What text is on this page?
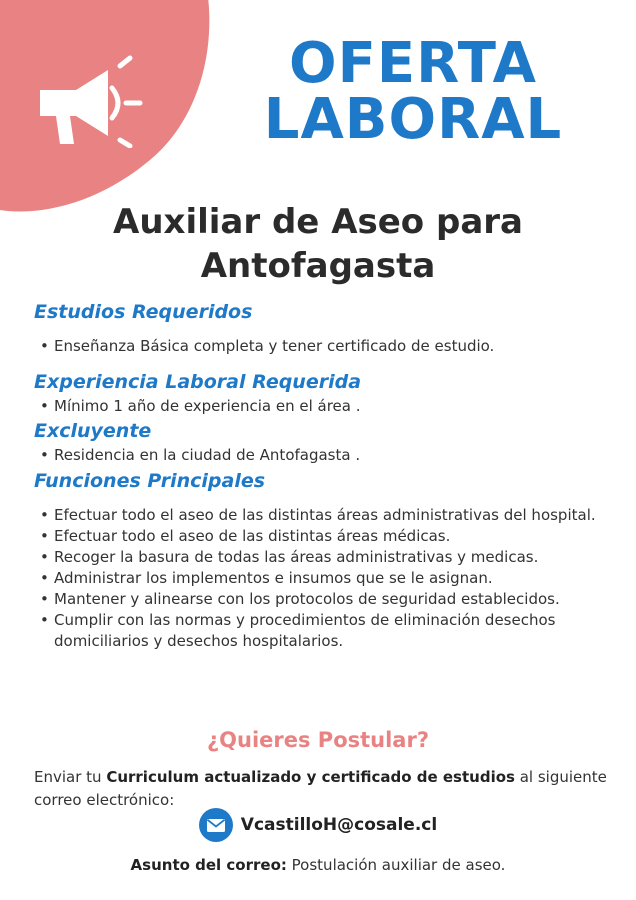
OFERTA
LABORAL
Auxiliar de Aseo para
Antofagasta
Estudios Requeridos
• Enseñanza Básica completa y tener certificado de estudio.
Experiencia Laboral Requerida
• Mínimo 1 año de experiencia en el área .
Excluyente
• Residencia en la ciudad de Antofagasta .
Funciones Principales
• Efectuar todo el aseo de las distintas áreas administrativas del hospital.
• Efectuar todo el aseo de las distintas áreas médicas.
• Recoger la basura de todas las áreas administrativas y medicas.
• Administrar los implementos e insumos que se le asignan.
• Mantener y alinearse con los protocolos de seguridad establecidos.
• Cumplir con las normas y procedimientos de eliminación desechos domiciliarios y desechos hospitalarios.
¿Quieres Postular?
Enviar tu Curriculum actualizado y certificado de estudios al siguiente correo electrónico:
VcastilloH@cosale.cl
Asunto del correo: Postulación auxiliar de aseo.
